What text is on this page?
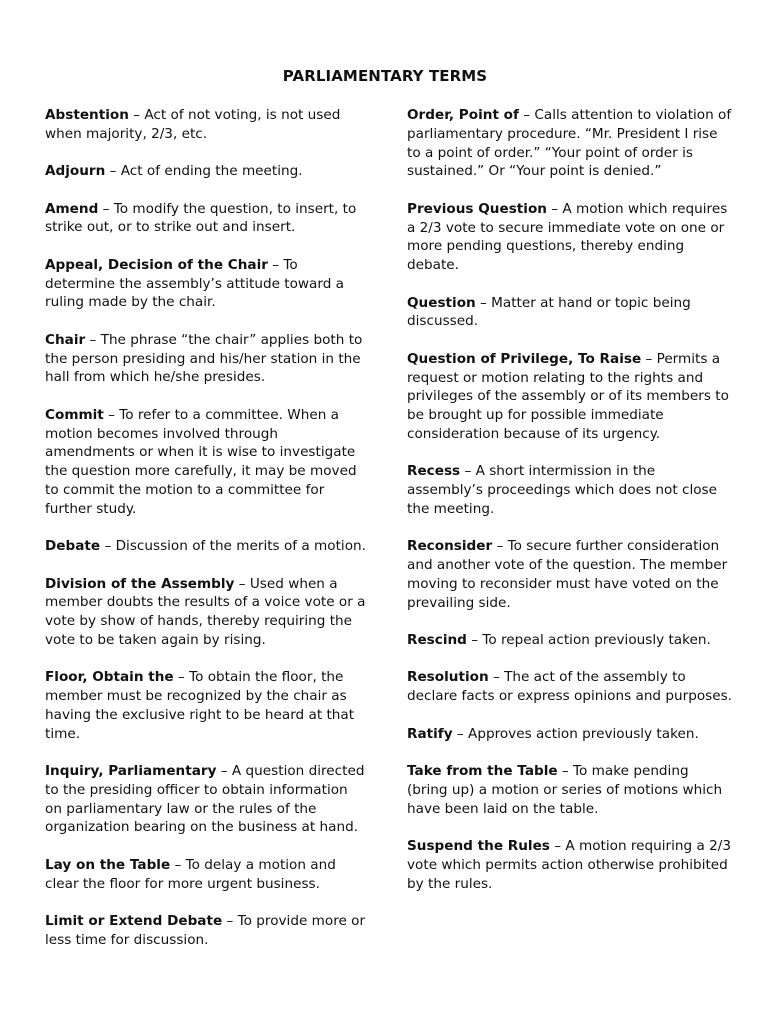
PARLIAMENTARY TERMS

Abstention – Act of not voting, is not used when majority, 2/3, etc.

Adjourn – Act of ending the meeting.

Amend – To modify the question, to insert, to strike out, or to strike out and insert.

Appeal, Decision of the Chair – To determine the assembly’s attitude toward a ruling made by the chair.

Chair – The phrase “the chair” applies both to the person presiding and his/her station in the hall from which he/she presides.

Commit – To refer to a committee. When a motion becomes involved through amendments or when it is wise to investigate the question more carefully, it may be moved to commit the motion to a committee for further study.

Debate – Discussion of the merits of a motion.

Division of the Assembly – Used when a member doubts the results of a voice vote or a vote by show of hands, thereby requiring the vote to be taken again by rising.

Floor, Obtain the – To obtain the floor, the member must be recognized by the chair as having the exclusive right to be heard at that time.

Inquiry, Parliamentary – A question directed to the presiding officer to obtain information on parliamentary law or the rules of the organization bearing on the business at hand.

Lay on the Table – To delay a motion and clear the floor for more urgent business.

Limit or Extend Debate – To provide more or less time for discussion.

Order, Point of – Calls attention to violation of parliamentary procedure. “Mr. President I rise to a point of order.” “Your point of order is sustained.” Or “Your point is denied.”

Previous Question – A motion which requires a 2/3 vote to secure immediate vote on one or more pending questions, thereby ending debate.

Question – Matter at hand or topic being discussed.

Question of Privilege, To Raise – Permits a request or motion relating to the rights and privileges of the assembly or of its members to be brought up for possible immediate consideration because of its urgency.

Recess – A short intermission in the assembly’s proceedings which does not close the meeting.

Reconsider – To secure further consideration and another vote of the question. The member moving to reconsider must have voted on the prevailing side.

Rescind – To repeal action previously taken.

Resolution – The act of the assembly to declare facts or express opinions and purposes.

Ratify – Approves action previously taken.

Take from the Table – To make pending (bring up) a motion or series of motions which have been laid on the table.

Suspend the Rules – A motion requiring a 2/3 vote which permits action otherwise prohibited by the rules.
